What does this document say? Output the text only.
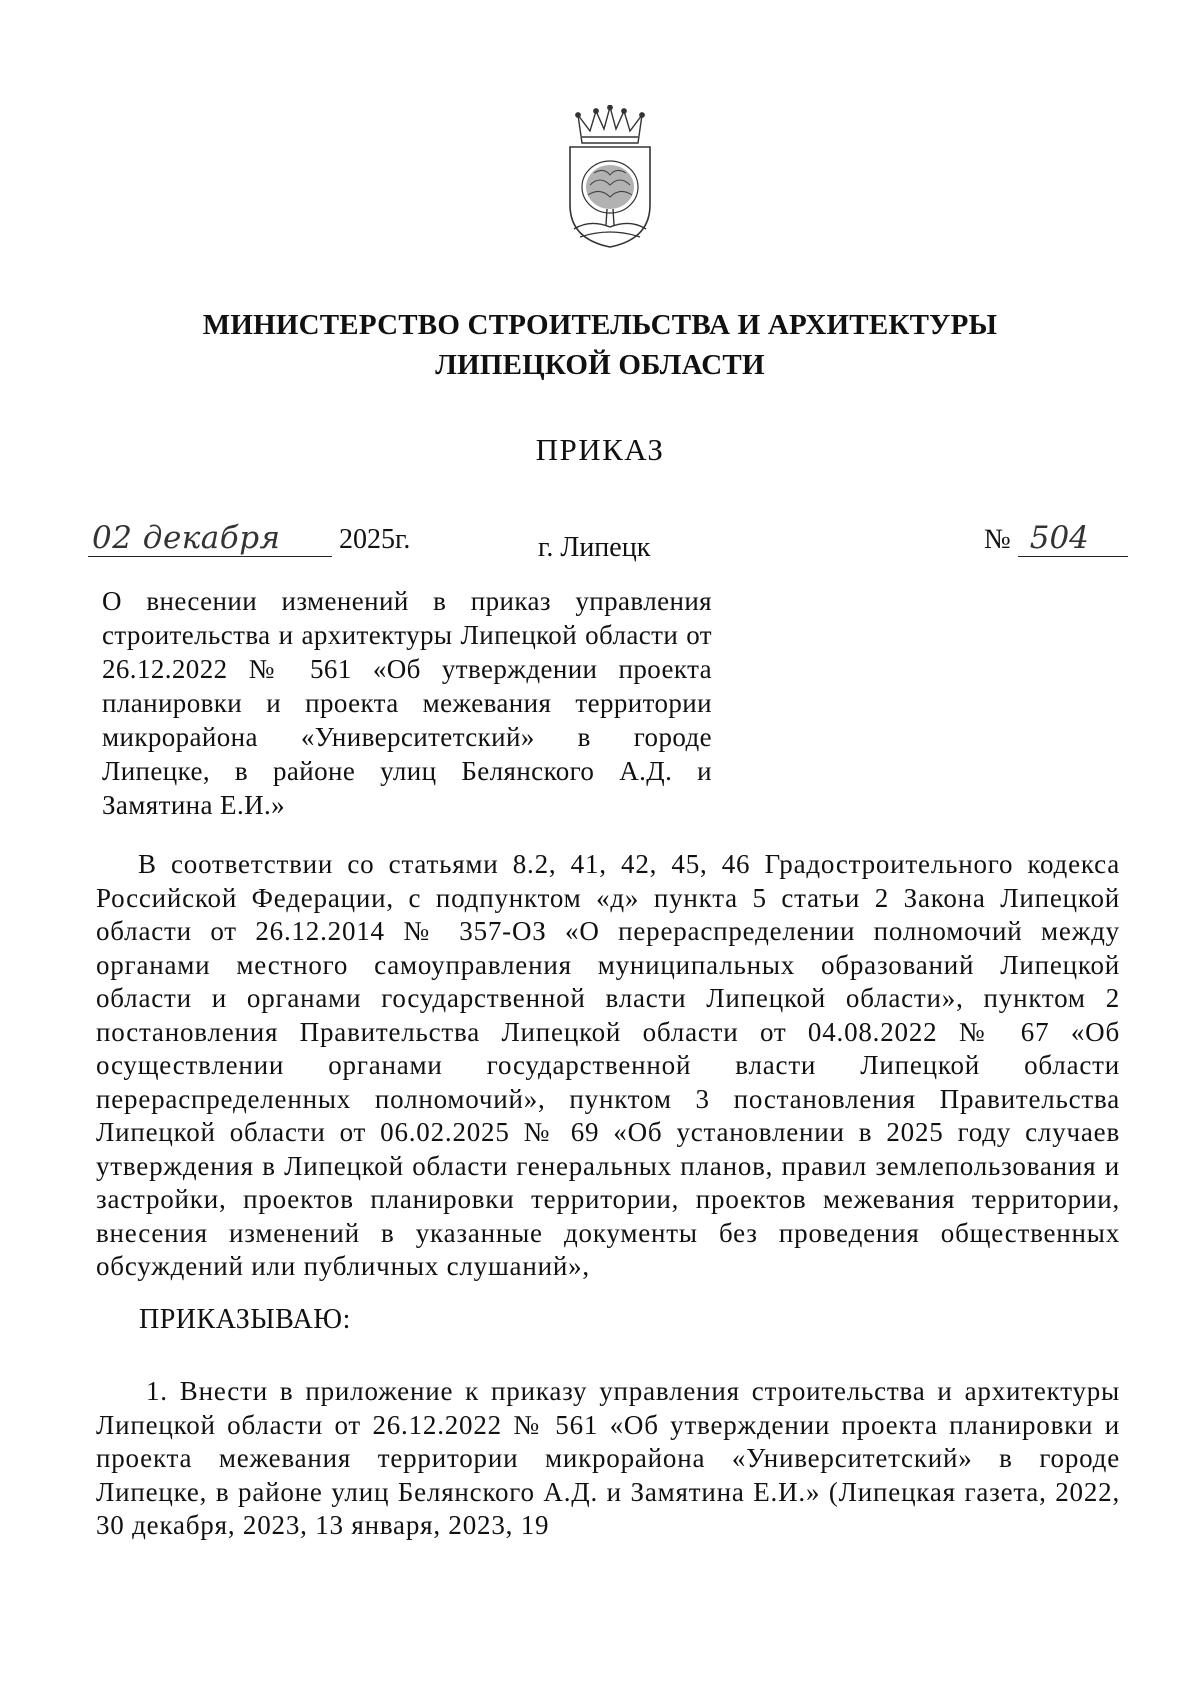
МИНИСТЕРСТВО СТРОИТЕЛЬСТВА И АРХИТЕКТУРЫ
ЛИПЕЦКОЙ ОБЛАСТИ
ПРИКАЗ
02 декабря 2025г.	г. Липецк	№ 504
О внесении изменений в приказ управления строительства и архитектуры Липецкой области от 26.12.2022 № 561 «Об утверждении проекта планировки и проекта межевания территории микрорайона «Университетский» в городе Липецке, в районе улиц Белянского А.Д. и Замятина Е.И.»
В соответствии со статьями 8.2, 41, 42, 45, 46 Градостроительного кодекса Российской Федерации, с подпунктом «д» пункта 5 статьи 2 Закона Липецкой области от 26.12.2014 № 357-ОЗ «О перераспределении полномочий между органами местного самоуправления муниципальных образований Липецкой области и органами государственной власти Липецкой области», пунктом 2 постановления Правительства Липецкой области от 04.08.2022 № 67 «Об осуществлении органами государственной власти Липецкой области перераспределенных полномочий», пунктом 3 постановления Правительства Липецкой области от 06.02.2025 № 69 «Об установлении в 2025 году случаев утверждения в Липецкой области генеральных планов, правил землепользования и застройки, проектов планировки территории, проектов межевания территории, внесения изменений в указанные документы без проведения общественных обсуждений или публичных слушаний»,
ПРИКАЗЫВАЮ:
1. Внести в приложение к приказу управления строительства и архитектуры Липецкой области от 26.12.2022 № 561 «Об утверждении проекта планировки и проекта межевания территории микрорайона «Университетский» в городе Липецке, в районе улиц Белянского А.Д. и Замятина Е.И.» (Липецкая газета, 2022, 30 декабря, 2023, 13 января, 2023, 19
